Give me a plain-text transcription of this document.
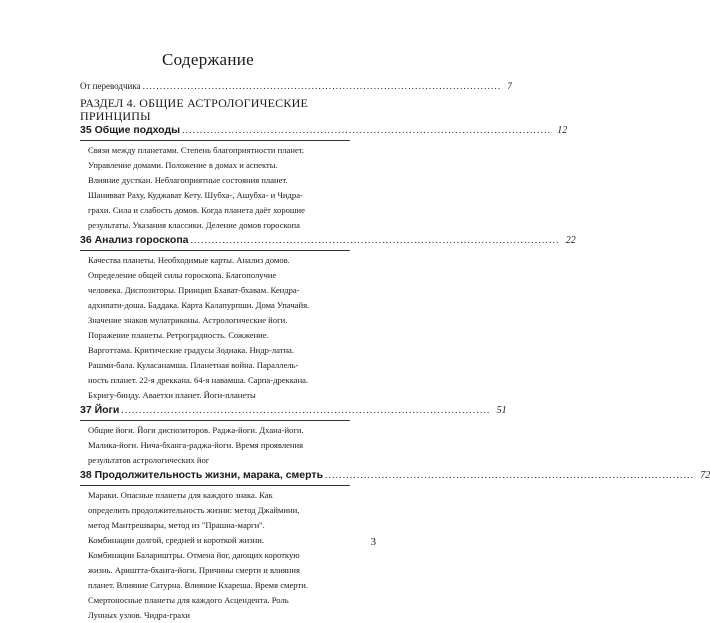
Содержание
От переводчика ........................................................................................................ 7
РАЗДЕЛ 4. ОБЩИЕ АСТРОЛОГИЧЕСКИЕ
ПРИНЦИПЫ
35 Общие подходы ........................................................................................................ 12
Связи между планетами. Степень благоприятности планет.
Управление домами. Положение в домах и аспекты.
Влияние дусткан. Неблагоприятные состояния планет.
Шанивват Раху, Куджават Кету. Шубха-, Ашубха- и Чидра-
грахи. Сила и слабость домов. Когда планета даёт хорошие
результаты. Указания классики. Деление домов гороскопа
36 Анализ гороскопа ........................................................................................................ 22
Качества планеты. Необходимые карты. Анализ домов.
Определение общей силы гороскопа. Благополучие
человека. Диспозиторы. Принцип Бхават-бхавам. Кендра-
адхипати-доша. Баддака. Карта Калапурпши. Дома Упачайя.
Значение знаков мулатриконы. Астрологические йоги.
Поражение планеты. Ретроградность. Сожжение.
Варготтама. Критические градусы Зодиака. Нидр-латна.
Рашми-бала. Куласанамша. Планетная война. Параллель-
ность планет. 22-я дреккана. 64-я навамша. Сарпа-дреккана.
Бхригу-бинду. Аваетхи планет. Йоги-планеты
37 Йоги ........................................................................................................ 51
Общие йоги. Йоги диспозиторов. Раджа-йоги. Дхана-йоги.
Малика-йоги. Нича-бханга-раджа-йоги. Время проявления
результатов астрологических йог
38 Продолжительность жизни, марака, смерть ........................................................................................................ 72
Мараки. Опасные планеты для каждого знака. Как
определить продолжительность жизни: метод Джаймини,
метод Мантрешвары, метод из "Прашна-марги".
Комбинации долгой, средней и короткой жизни.
Комбинации Балариштры. Отмена йог, дающих короткую
жизнь. Ариштта-бханга-йоги. Причины смерти и влияния
планет. Влияние Сатурна. Влияние Кхареша. Время смерти.
Смертоносные планеты для каждого Асцендента. Роль
Лунных узлов. Чидра-грахи
3
